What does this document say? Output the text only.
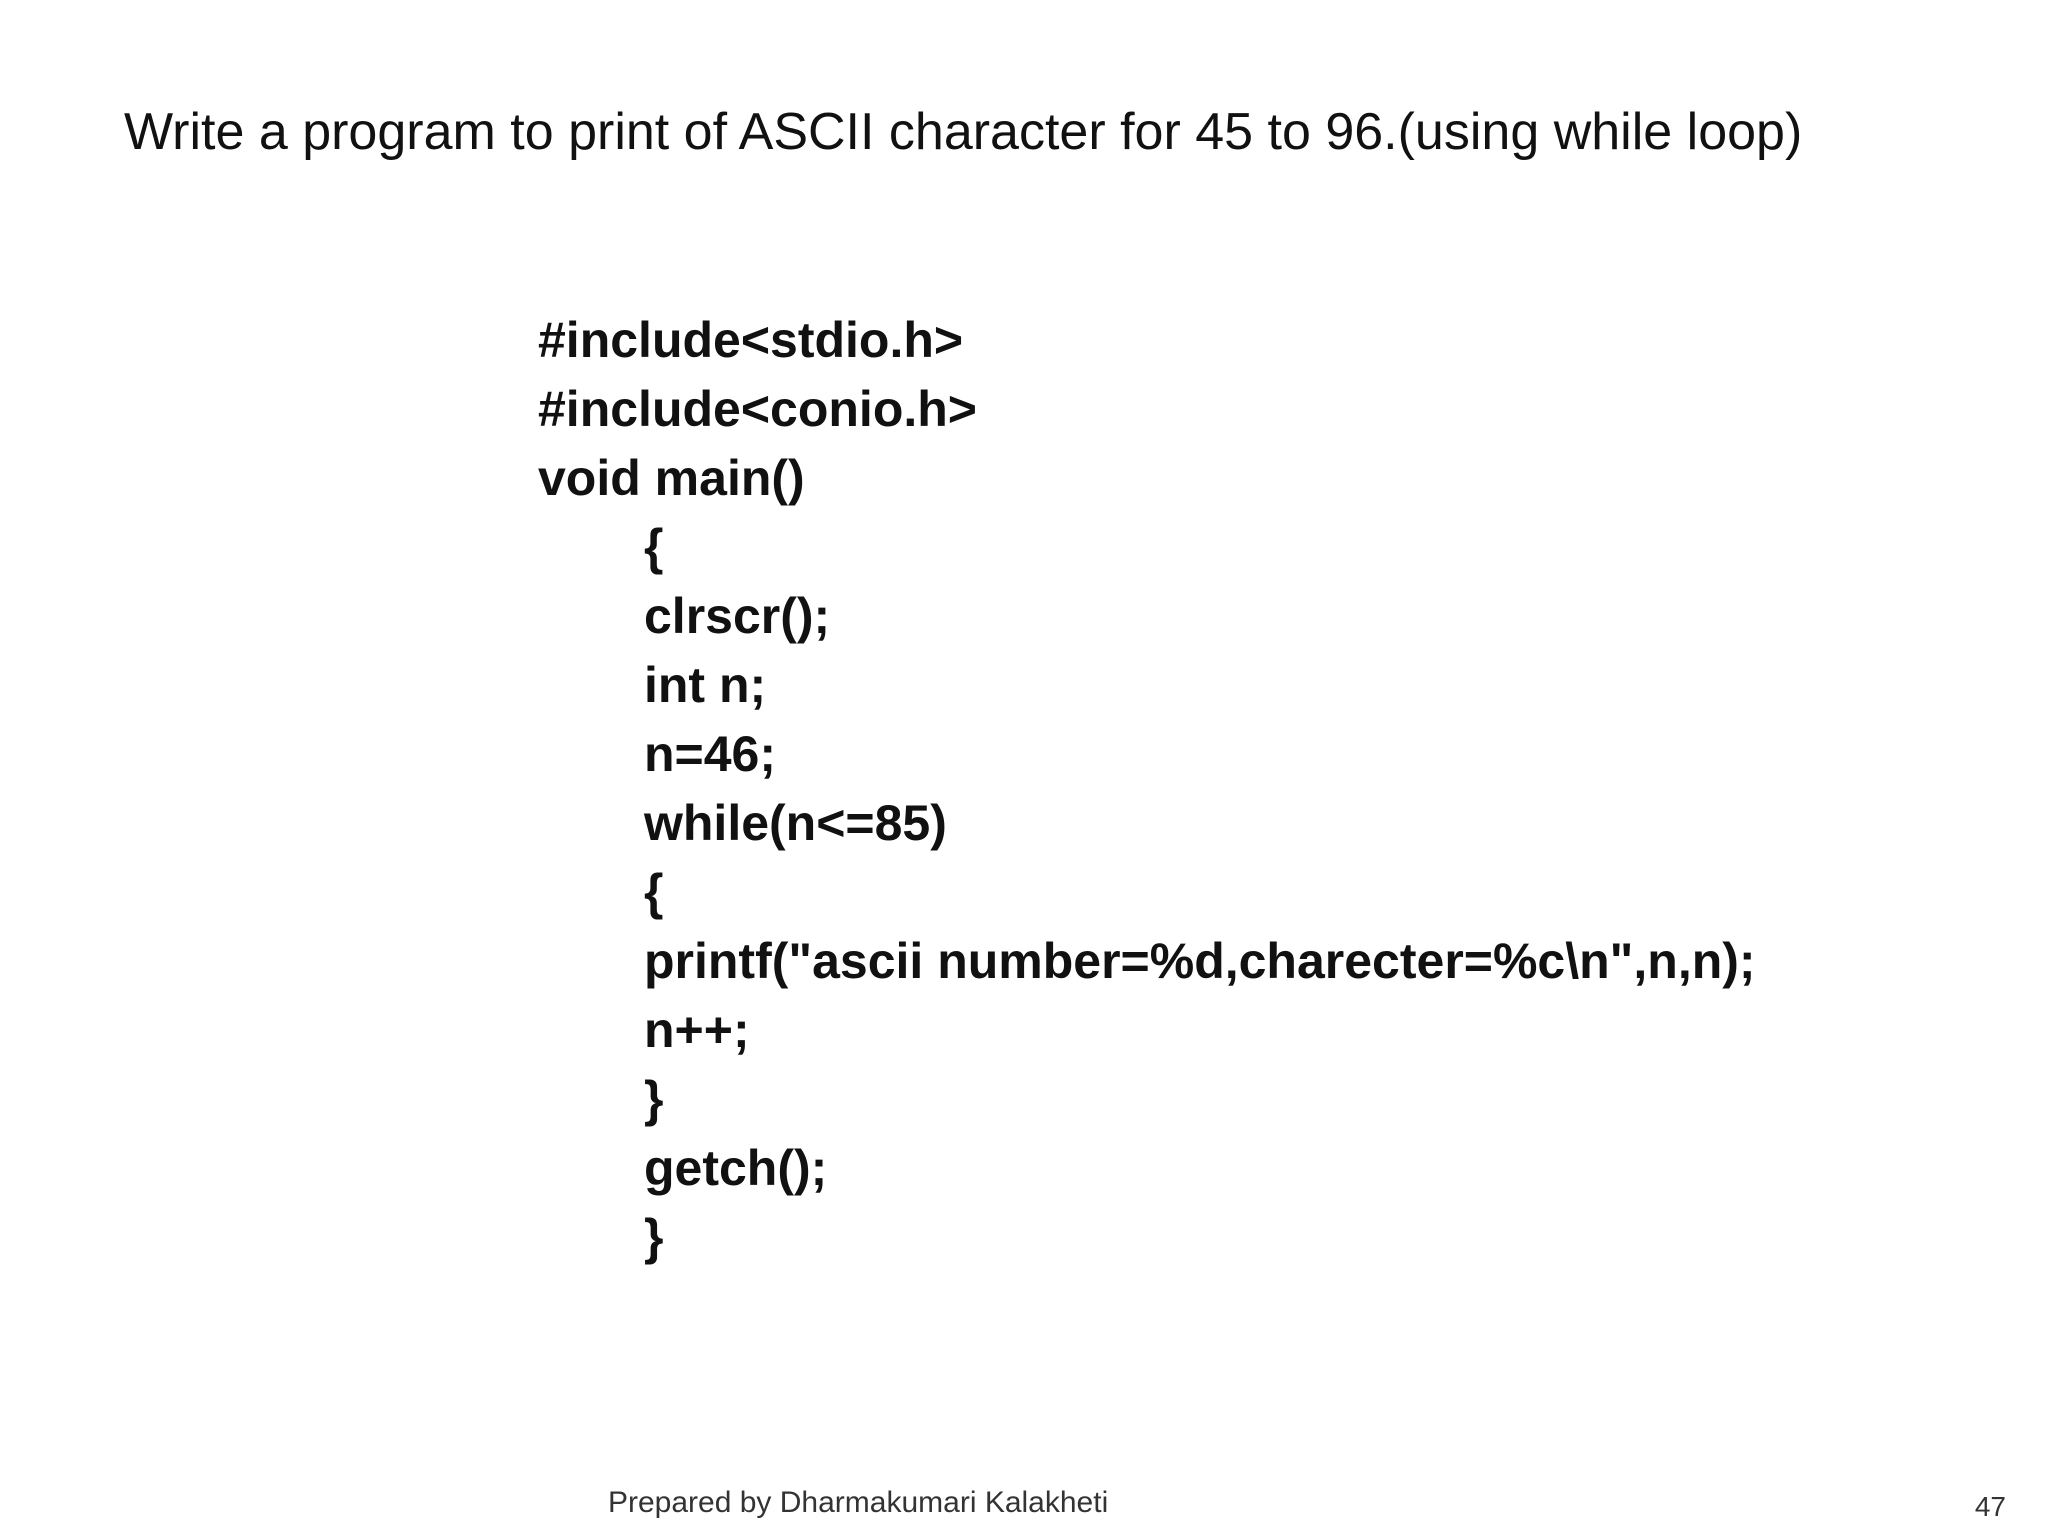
Write a program to print of ASCII character for 45 to 96.(using while loop)
#include<stdio.h>
#include<conio.h>
void main()
{
clrscr();
int n;
n=46;
while(n<=85)
{
printf("ascii number=%d,charecter=%c\n",n,n);
n++;
}
getch();
}
Prepared by Dharmakumari Kalakheti	47
